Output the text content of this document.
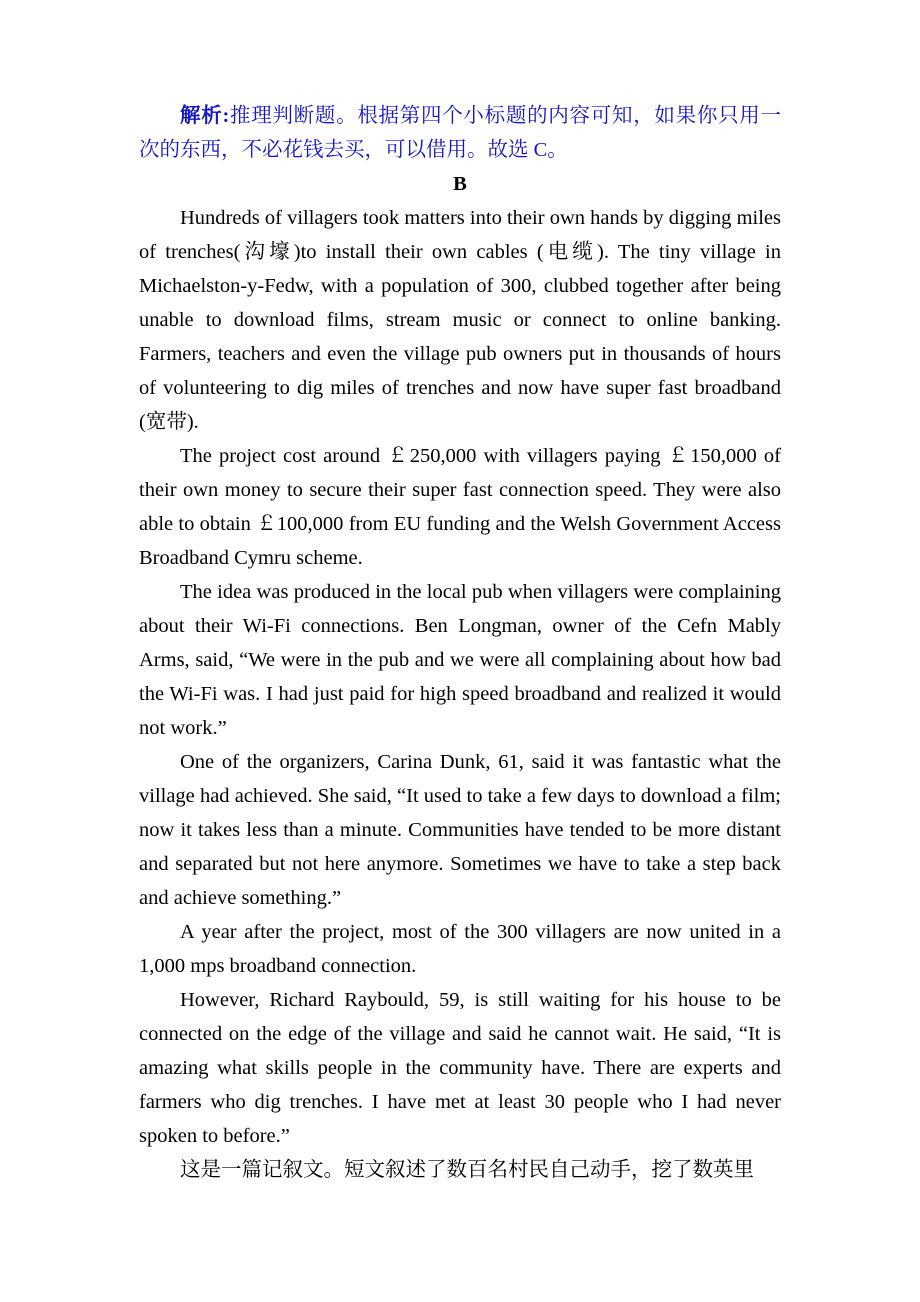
解析:推理判断题。根据第四个小标题的内容可知，如果你只用一次的东西，不必花钱去买，可以借用。故选 C。

B

Hundreds of villagers took matters into their own hands by digging miles of trenches(沟壕)to install their own cables (电缆). The tiny village in Michaelston-y-Fedw, with a population of 300, clubbed together after being unable to download films, stream music or connect to online banking. Farmers, teachers and even the village pub owners put in thousands of hours of volunteering to dig miles of trenches and now have super fast broadband (宽带).

The project cost around ￡250,000 with villagers paying ￡150,000 of their own money to secure their super fast connection speed. They were also able to obtain ￡100,000 from EU funding and the Welsh Government Access Broadband Cymru scheme.

The idea was produced in the local pub when villagers were complaining about their Wi-Fi connections. Ben Longman, owner of the Cefn Mably Arms, said, “We were in the pub and we were all complaining about how bad the Wi-Fi was. I had just paid for high speed broadband and realized it would not work.”

One of the organizers, Carina Dunk, 61, said it was fantastic what the village had achieved. She said, “It used to take a few days to download a film; now it takes less than a minute. Communities have tended to be more distant and separated but not here anymore. Sometimes we have to take a step back and achieve something.”

A year after the project, most of the 300 villagers are now united in a 1,000 mps broadband connection.

However, Richard Raybould, 59, is still waiting for his house to be connected on the edge of the village and said he cannot wait. He said, “It is amazing what skills people in the community have. There are experts and farmers who dig trenches. I have met at least 30 people who I had never spoken to before.”

这是一篇记叙文。短文叙述了数百名村民自己动手，挖了数英里
